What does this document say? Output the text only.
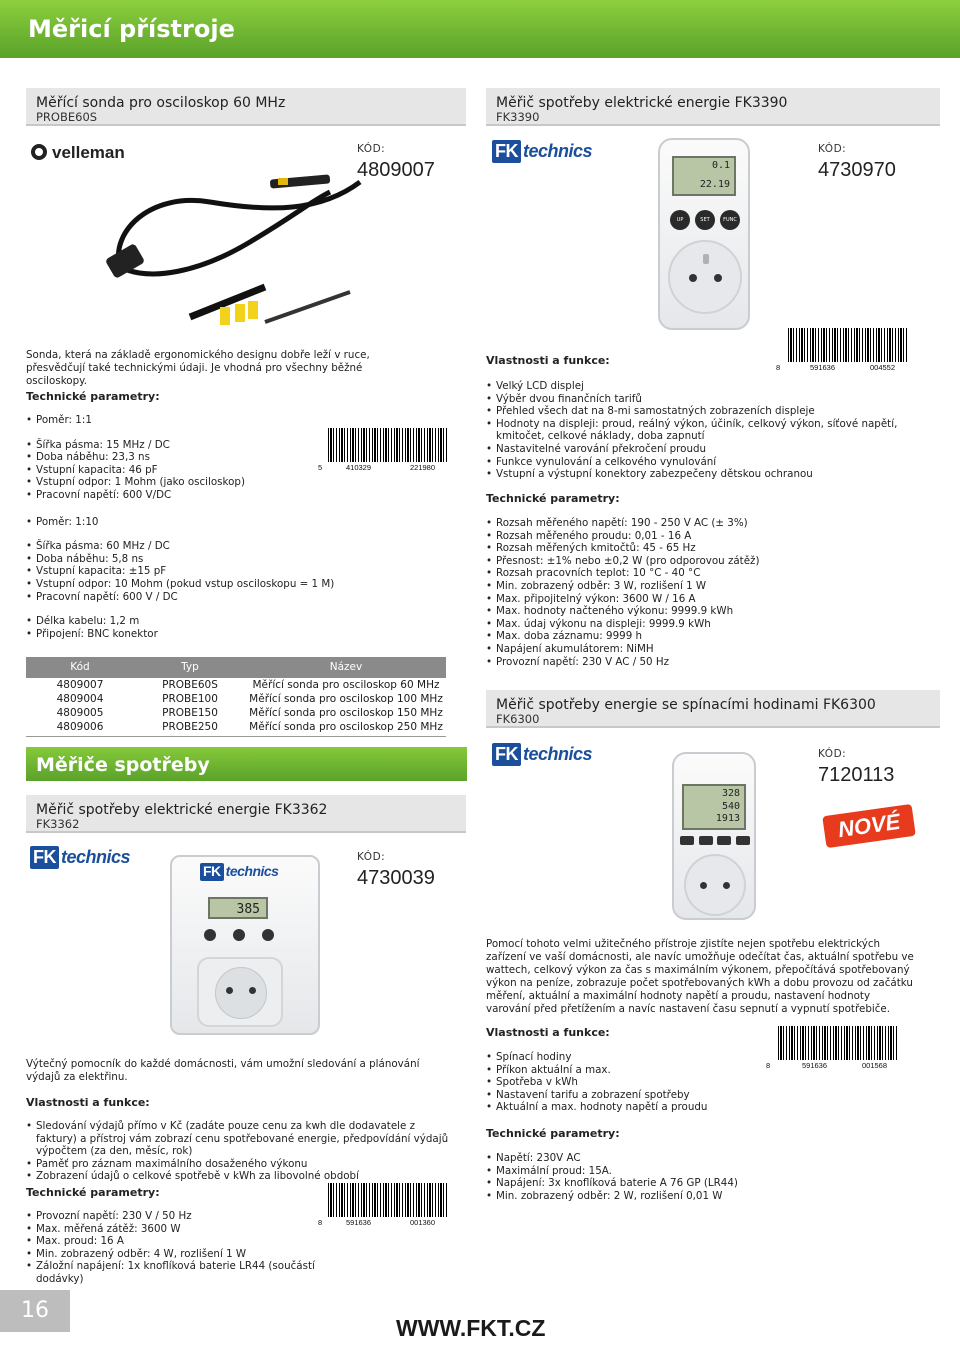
Měřicí přístroje
Měřící sonda pro osciloskop 60 MHz
PROBE60S
velleman	KÓD:
4809007
Sonda, která na základě ergonomického designu dobře leží v ruce, přesvědčují také technickými údaji. Je vhodná pro všechny běžné osciloskopy.
Technické parametry:
• Poměr: 1:1
• Šířka pásma: 15 MHz / DC
• Doba náběhu: 23,3 ns
• Vstupní kapacita: 46 pF
• Vstupní odpor: 1 Mohm (jako osciloskop)
• Pracovní napětí: 600 V/DC
• Poměr: 1:10
• Šířka pásma: 60 MHz / DC
• Doba náběhu: 5,8 ns
• Vstupní kapacita: ±15 pF
• Vstupní odpor: 10 Mohm (pokud vstup osciloskopu = 1 M)
• Pracovní napětí: 600 V / DC
• Délka kabelu: 1,2 m
• Připojení: BNC konektor
5	410329	221980
Kód	Typ	Název
4809007	PROBE60S	Měřící sonda pro osciloskop 60 MHz
4809004	PROBE100	Měřící sonda pro osciloskop 100 MHz
4809005	PROBE150	Měřící sonda pro osciloskop 150 MHz
4809006	PROBE250	Měřící sonda pro osciloskop 250 MHz
Měřiče spotřeby
Měřič spotřeby elektrické energie FK3362
FK3362
FK technics	KÓD:
4730039
FK technics
385
Výtečný pomocník do každé domácnosti, vám umožní sledování a plánování výdajů za elektřinu.
Vlastnosti a funkce:
• Sledování výdajů přímo v Kč (zadáte pouze cenu za kwh dle dodavatele z faktury) a přístroj vám zobrazí cenu spotřebované energie, předpovídání výdajů výpočtem (za den, měsíc, rok)
• Paměť pro záznam maximálního dosaženého výkonu
• Zobrazení údajů o celkové spotřebě v kWh za libovolné období
Technické parametry:
• Provozní napětí: 230 V / 50 Hz
• Max. měřená zátěž: 3600 W
• Max. proud: 16 A
• Min. zobrazený odběr: 4 W, rozlišení 1 W
• Záložní napájení: 1x knoflíková baterie LR44 (součástí dodávky)
8	591636	001360
Měřič spotřeby elektrické energie FK3390
FK3390
FK technics	KÓD:
4730970
0.1
22.19
UP	SET	FUNC
Vlastnosti a funkce:
8	591636	004552
• Velký LCD displej
• Výběr dvou finančních tarifů
• Přehled všech dat na 8-mi samostatných zobrazeních displeje
• Hodnoty na displeji: proud, reálný výkon, účiník, celkový výkon, síťové napětí, kmitočet, celkové náklady, doba zapnutí
• Nastavitelné varování překročení proudu
• Funkce vynulování a celkového vynulování
• Vstupní a výstupní konektory zabezpečeny dětskou ochranou
Technické parametry:
• Rozsah měřeného napětí: 190 - 250 V AC (± 3%)
• Rozsah měřeného proudu: 0,01 - 16 A
• Rozsah měřených kmitočtů: 45 - 65 Hz
• Přesnost: ±1% nebo ±0,2 W (pro odporovou zátěž)
• Rozsah pracovních teplot: 10 °C - 40 °C
• Min. zobrazený odběr: 3 W, rozlišení 1 W
• Max. připojitelný výkon: 3600 W / 16 A
• Max. hodnoty načteného výkonu: 9999.9 kWh
• Max. údaj výkonu na displeji: 9999.9 kWh
• Max. doba záznamu: 9999 h
• Napájení akumulátorem: NiMH
• Provozní napětí: 230 V AC / 50 Hz
Měřič spotřeby energie se spínacími hodinami FK6300
FK6300
FK technics	KÓD:
7120113
NOVÉ
328
540
1913
Pomocí tohoto velmi užitečného přístroje zjistíte nejen spotřebu elektrických zařízení ve vaší domácnosti, ale navíc umožňuje odečítat čas, aktuální spotřebu ve wattech, celkový výkon za čas s maximálním výkonem, přepočítává spotřebovaný výkon na peníze, zobrazuje počet spotřebovaných kWh a dobu provozu od začátku měření, aktuální a maximální hodnoty napětí a proudu, nastavení hodnoty varování před přetížením a navíc nastavení času sepnutí a vypnutí spotřebiče.
Vlastnosti a funkce:
• Spínací hodiny
• Příkon aktuální a max.
• Spotřeba v kWh
• Nastavení tarifu a zobrazení spotřeby
• Aktuální a max. hodnoty napětí a proudu
8	591636	001568
Technické parametry:
• Napětí: 230V AC
• Maximální proud: 15A.
• Napájení: 3x knoflíková baterie A 76 GP (LR44)
• Min. zobrazený odběr: 2 W, rozlišení 0,01 W
16
WWW.FKT.CZ
